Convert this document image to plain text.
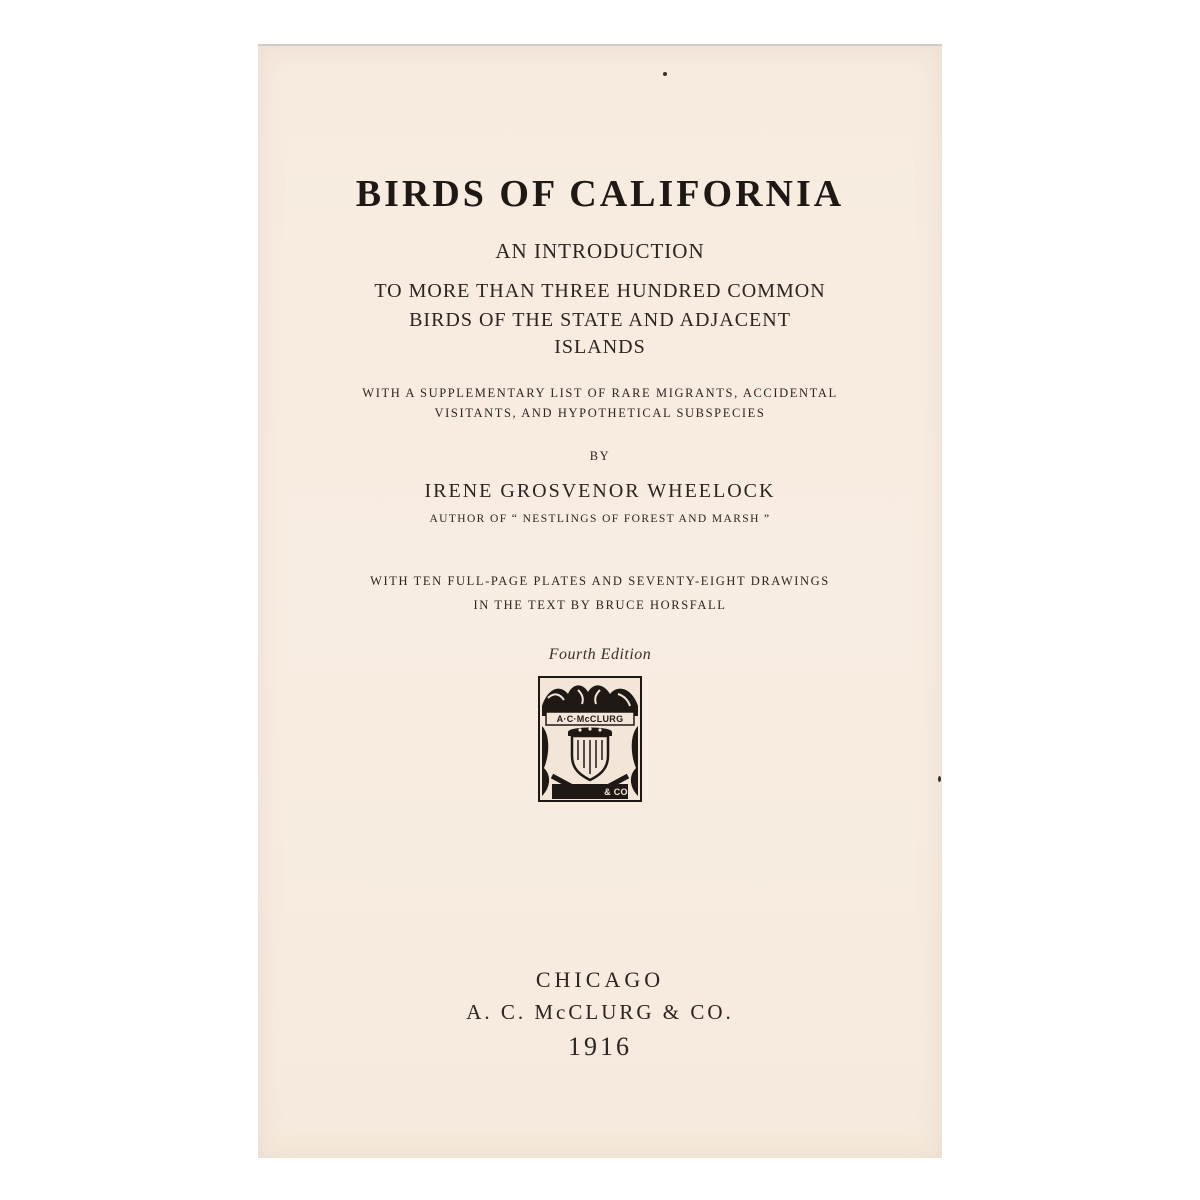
BIRDS OF CALIFORNIA

AN INTRODUCTION

TO MORE THAN THREE HUNDRED COMMON

BIRDS OF THE STATE AND ADJACENT

ISLANDS

WITH A SUPPLEMENTARY LIST OF RARE MIGRANTS, ACCIDENTAL

VISITANTS, AND HYPOTHETICAL SUBSPECIES

BY

IRENE GROSVENOR WHEELOCK

AUTHOR OF “ NESTLINGS OF FOREST AND MARSH ”

WITH TEN FULL-PAGE PLATES AND SEVENTY-EIGHT DRAWINGS

IN THE TEXT BY BRUCE HORSFALL

Fourth Edition

A·C·McCLURG
& CO

CHICAGO

A. C. McCLURG & CO.

1916
